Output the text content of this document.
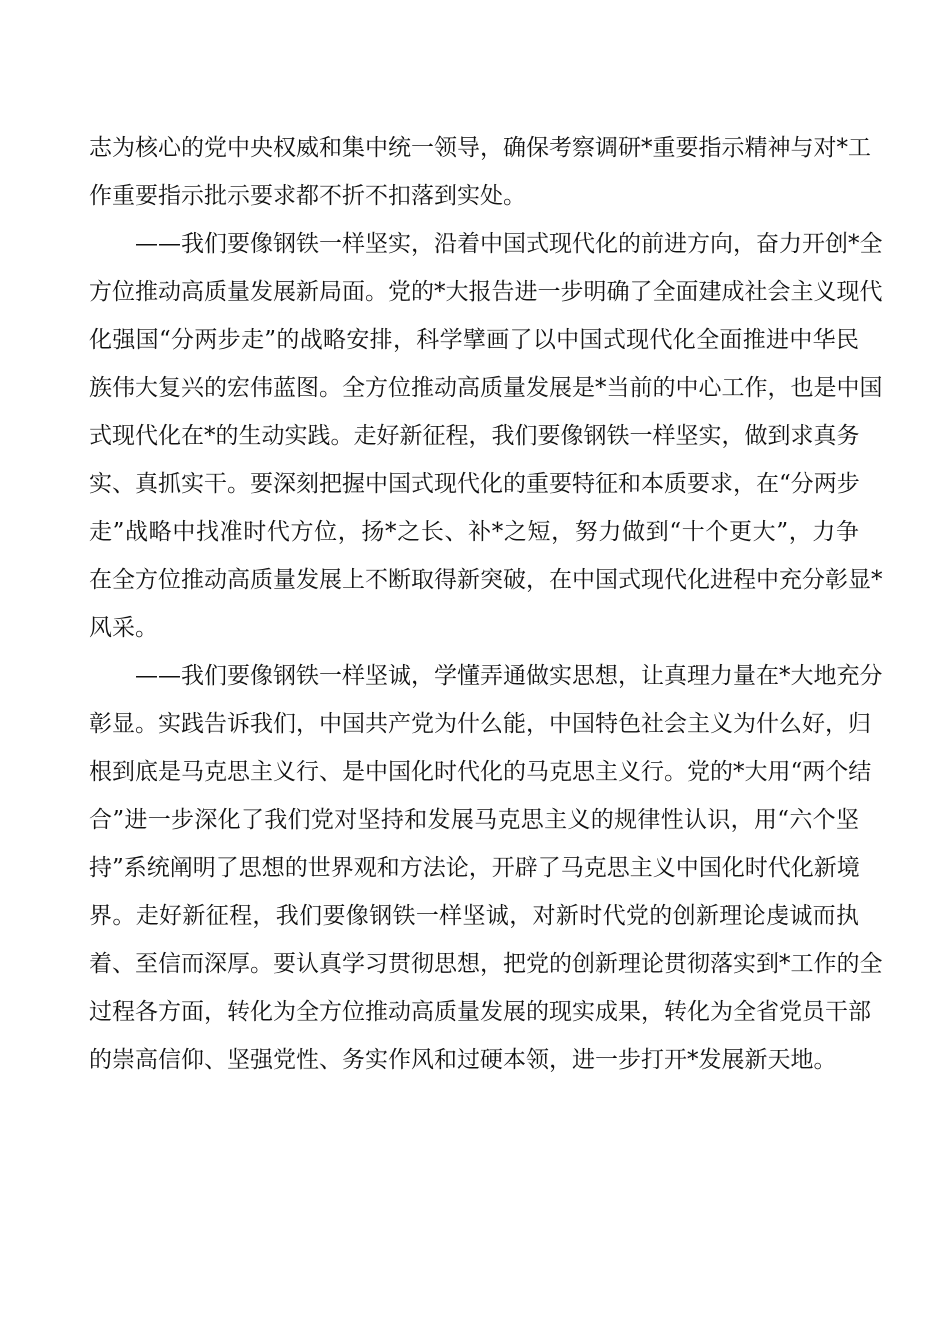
志为核心的党中央权威和集中统一领导，确保考察调研*重要指示精神与对*工
作重要指示批示要求都不折不扣落到实处。
——我们要像钢铁一样坚实，沿着中国式现代化的前进方向，奋力开创*全
方位推动高质量发展新局面。党的*大报告进一步明确了全面建成社会主义现代
化强国“分两步走”的战略安排，科学擘画了以中国式现代化全面推进中华民
族伟大复兴的宏伟蓝图。全方位推动高质量发展是*当前的中心工作，也是中国
式现代化在*的生动实践。走好新征程，我们要像钢铁一样坚实，做到求真务
实、真抓实干。要深刻把握中国式现代化的重要特征和本质要求，在“分两步
走”战略中找准时代方位，扬*之长、补*之短，努力做到“十个更大”，力争
在全方位推动高质量发展上不断取得新突破，在中国式现代化进程中充分彰显*
风采。
——我们要像钢铁一样坚诚，学懂弄通做实思想，让真理力量在*大地充分
彰显。实践告诉我们，中国共产党为什么能，中国特色社会主义为什么好，归
根到底是马克思主义行、是中国化时代化的马克思主义行。党的*大用“两个结
合”进一步深化了我们党对坚持和发展马克思主义的规律性认识，用“六个坚
持”系统阐明了思想的世界观和方法论，开辟了马克思主义中国化时代化新境
界。走好新征程，我们要像钢铁一样坚诚，对新时代党的创新理论虔诚而执
着、至信而深厚。要认真学习贯彻思想，把党的创新理论贯彻落实到*工作的全
过程各方面，转化为全方位推动高质量发展的现实成果，转化为全省党员干部
的崇高信仰、坚强党性、务实作风和过硬本领，进一步打开*发展新天地。
